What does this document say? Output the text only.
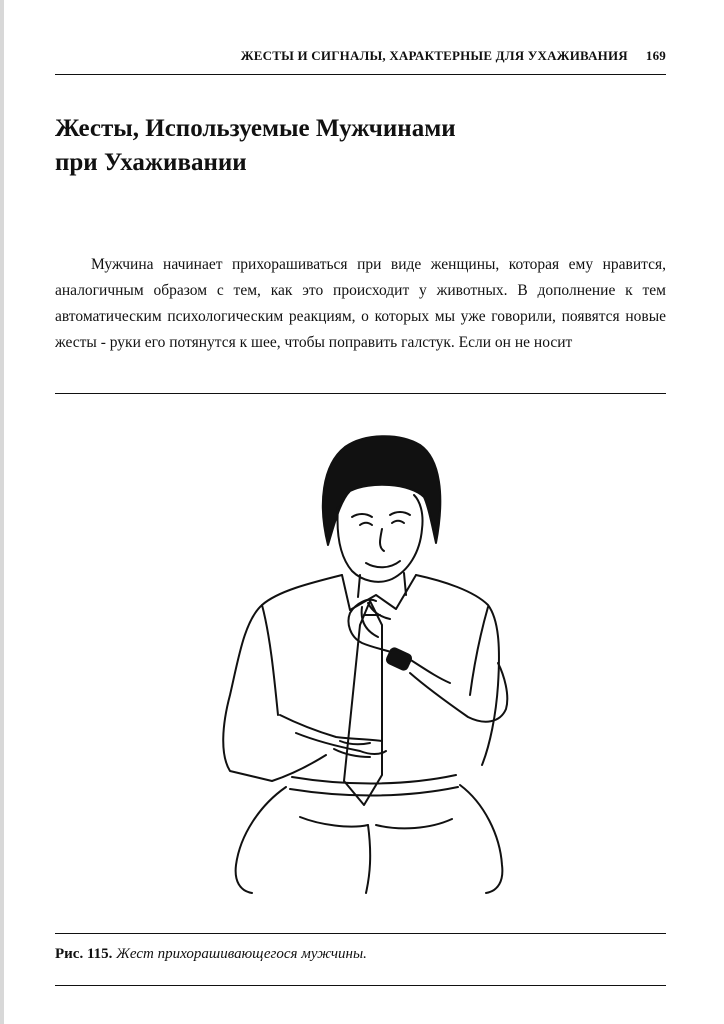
ЖЕСТЫ И СИГНАЛЫ, ХАРАКТЕРНЫЕ ДЛЯ УХАЖИВАНИЯ 169
Жесты, Используемые Мужчинами
при Ухаживании

Мужчина начинает прихорашиваться при виде женщины, которая ему нравится, аналогичным образом с тем, как это происходит у животных. В дополнение к тем автоматическим психологическим реакциям, о которых мы уже говорили, появятся новые жесты - руки его потянутся к шее, чтобы поправить галстук. Если он не носит

Рис. 115. Жест прихорашивающегося мужчины.
